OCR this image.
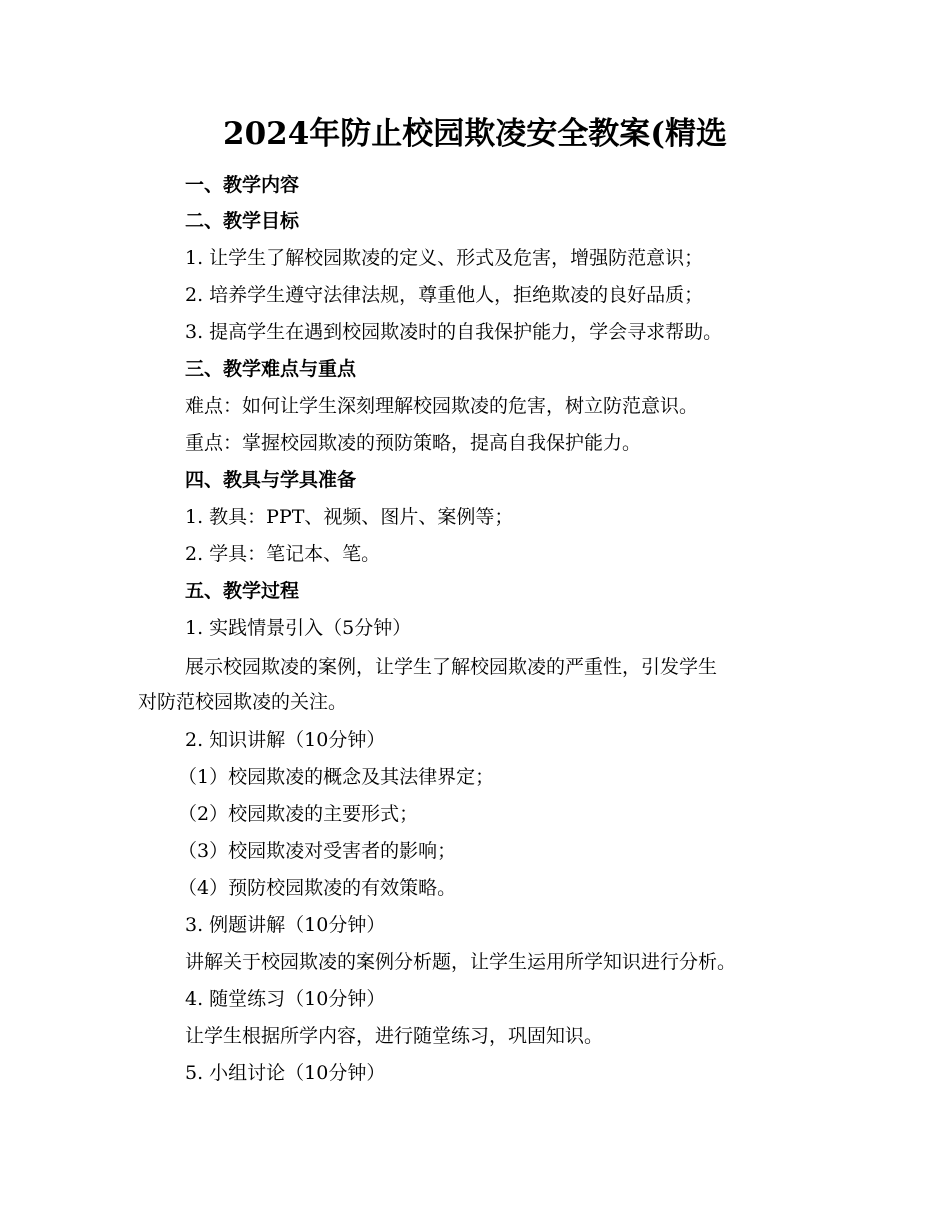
2024年防止校园欺凌安全教案(精选
一、教学内容
二、教学目标
1. 让学生了解校园欺凌的定义、形式及危害，增强防范意识；
2. 培养学生遵守法律法规，尊重他人，拒绝欺凌的良好品质；
3. 提高学生在遇到校园欺凌时的自我保护能力，学会寻求帮助。
三、教学难点与重点
难点：如何让学生深刻理解校园欺凌的危害，树立防范意识。
重点：掌握校园欺凌的预防策略，提高自我保护能力。
四、教具与学具准备
1. 教具：PPT、视频、图片、案例等；
2. 学具：笔记本、笔。
五、教学过程
1. 实践情景引入（5分钟）
展示校园欺凌的案例，让学生了解校园欺凌的严重性，引发学生
对防范校园欺凌的关注。
2. 知识讲解（10分钟）
（1）校园欺凌的概念及其法律界定；
（2）校园欺凌的主要形式；
（3）校园欺凌对受害者的影响；
（4）预防校园欺凌的有效策略。
3. 例题讲解（10分钟）
讲解关于校园欺凌的案例分析题，让学生运用所学知识进行分析。
4. 随堂练习（10分钟）
让学生根据所学内容，进行随堂练习，巩固知识。
5. 小组讨论（10分钟）
